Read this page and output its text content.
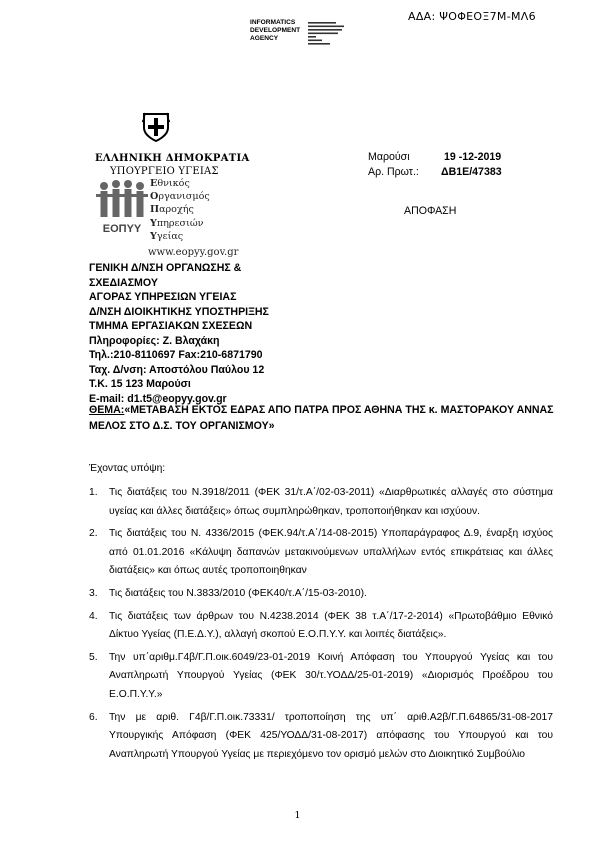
ΑΔΑ: ΨΟΦΕΟΞ7Μ-ΜΛ6
INFORMATICS
DEVELOPMENT
AGENCY
ΕΛΛΗΝΙΚΗ ΔΗΜΟΚΡΑΤΙΑ
ΥΠΟΥΡΓΕΙΟ ΥΓΕΙΑΣ
ΕΟΠΥΥ
Εθνικός
Οργανισμός
Παροχής
Υπηρεσιών
Υγείας
www.eopyy.gov.gr
Μαρούσι	19 -12-2019
Αρ. Πρωτ.: ΔΒ1Ε/47383
ΑΠΟΦΑΣΗ
ΓΕΝΙΚΗ Δ/ΝΣΗ ΟΡΓΑΝΩΣΗΣ &
ΣΧΕΔΙΑΣΜΟΥ
ΑΓΟΡΑΣ ΥΠΗΡΕΣΙΩΝ ΥΓΕΙΑΣ
Δ/ΝΣΗ ΔΙΟΙΚΗΤΙΚΗΣ ΥΠΟΣΤΗΡΙΞΗΣ
ΤΜΗΜΑ ΕΡΓΑΣΙΑΚΩΝ ΣΧΕΣΕΩΝ
Πληροφορίες: Ζ. Βλαχάκη
Τηλ.:210-8110697 Fax:210-6871790
Ταχ. Δ/νση: Αποστόλου Παύλου 12
Τ.Κ. 15 123 Μαρούσι
E-mail: d1.t5@eopyy.gov.gr
ΘΕΜΑ:«ΜΕΤΑΒΑΣΗ ΕΚΤΟΣ ΕΔΡΑΣ ΑΠΟ ΠΑΤΡΑ ΠΡΟΣ ΑΘΗΝΑ ΤΗΣ κ. ΜΑΣΤΟΡΑΚΟΥ ΑΝΝΑΣ ΜΕΛΟΣ ΣΤΟ Δ.Σ. ΤΟΥ ΟΡΓΑΝΙΣΜΟΥ»
Έχοντας υπόψη:
1. Τις διατάξεις του Ν.3918/2011 (ΦΕΚ 31/τ.Α΄/02-03-2011) «Διαρθρωτικές αλλαγές στο σύστημα υγείας και άλλες διατάξεις» όπως συμπληρώθηκαν, τροποποιήθηκαν και ισχύουν.
2. Τις διατάξεις του Ν. 4336/2015 (ΦΕΚ.94/τ.Α΄/14-08-2015) Υποπαράγραφος Δ.9, έναρξη ισχύος από 01.01.2016 «Κάλυψη δαπανών μετακινούμενων υπαλλήλων εντός επικράτειας και άλλες διατάξεις» και όπως αυτές τροποποιηθηκαν
3. Τις διατάξεις του Ν.3833/2010 (ΦΕΚ40/τ.Α΄/15-03-2010).
4. Τις διατάξεις των άρθρων του Ν.4238.2014 (ΦΕΚ 38 τ.Α΄/17-2-2014) «Πρωτοβάθμιο Εθνικό Δίκτυο Υγείας (Π.Ε.Δ.Υ.), αλλαγή σκοπού Ε.Ο.Π.Υ.Υ. και λοιπές διατάξεις».
5. Την υπ΄αριθμ.Γ4β/Γ.Π.οικ.6049/23-01-2019 Κοινή Απόφαση του Υπουργού Υγείας και του Αναπληρωτή Υπουργού Υγείας (ΦΕΚ 30/τ.ΥΟΔΔ/25-01-2019) «Διορισμός Προέδρου του Ε.Ο.Π.Υ.Υ.»
6. Την με αριθ. Γ4β/Γ.Π.οικ.73331/ τροποποίηση της υπ΄ αριθ.Α2β/Γ.Π.64865/31-08-2017 Υπουργικής Απόφαση (ΦΕΚ 425/ΥΟΔΔ/31-08-2017) απόφασης του Υπουργού και του Αναπληρωτή Υπουργού Υγείας με περιεχόμενο τον ορισμό μελών στο Διοικητικό Συμβούλιο
1
